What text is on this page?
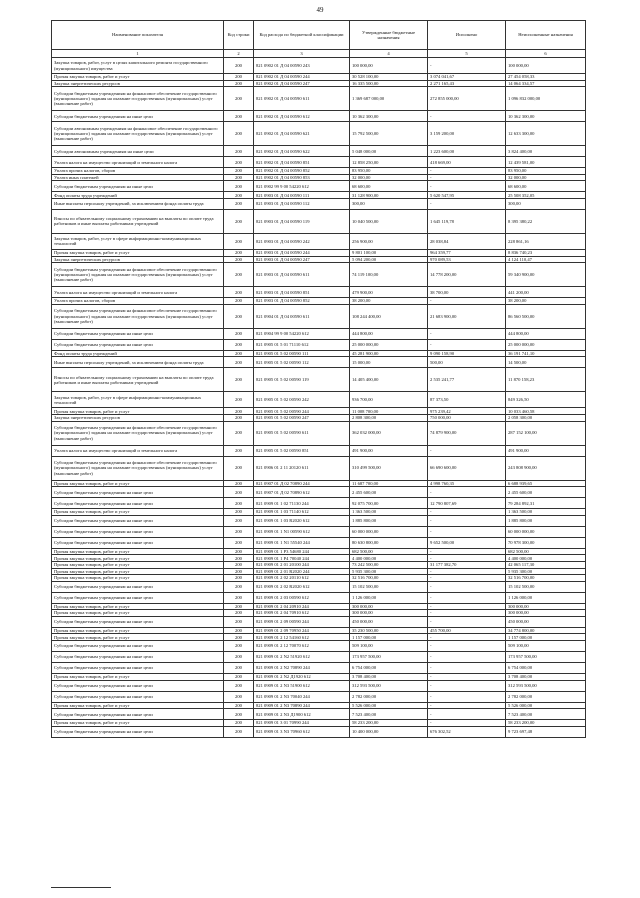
49
Наименование показателя	Код строки	Код расхода по бюджетной классификации	Утвержденные бюджетные назначения	Исполнено	Неисполненные назначения
1	2	3	4	5	6
Закупка товаров, работ, услуг в целях капитального ремонта государственного (муниципального) имущества	200	821 0902 01 Д 04 00590 243	100 000,00	-	100 000,00
Прочая закупка товаров, работ и услуг	200	821 0902 01 Д 04 00590 244	30 528 100,00	3 074 041,67	27 454 058,33
Закупка энергетических ресурсов	200	821 0902 01 Д 04 00590 247	16 335 500,00	2 271 165,43	14 064 334,57
Субсидии бюджетным учреждениям на финансовое обеспечение государственного (муниципального) задания на оказание государственных (муниципальных) услуг (выполнение работ)	200	821 0902 01 Д 04 00590 611	1 369 687 000,00	272 855 000,00	1 096 832 000,00
Субсидии бюджетным учреждениям на иные цели	200	821 0902 01 Д 04 00590 612	10 362 300,00	-	10 362 300,00
Субсидии автономным учреждениям на финансовое обеспечение государственного (муниципального) задания на оказание государственных (муниципальных) услуг (выполнение работ)	200	821 0902 01 Д 04 00590 621	15 792 500,00	3 159 200,00	12 633 300,00
Субсидии автономным учреждениям на иные цели	200	821 0902 01 Д 04 00590 622	5 048 000,00	1 223 600,00	3 824 400,00
Уплата налога на имущество организаций и земельного налога	200	821 0902 01 Д 04 00590 851	12 858 250,00	418 669,00	12 439 581,00
Уплата прочих налогов, сборов	200	821 0902 01 Д 04 00590 852	83 950,00	-	83 950,00
Уплата иных платежей	200	821 0902 01 Д 04 00590 853	32 000,00	-	32 000,00
Субсидии бюджетным учреждениям на иные цели	200	821 0902 99 9 00 54220 612	68 600,00	-	68 600,00
Фонд оплаты труда учреждений	200	821 0903 01 Д 04 00590 111	31 128 900,00	5 620 547,95	25 508 352,05
Иные выплаты персоналу учреждений, за исключением фонда оплаты труда	200	821 0903 01 Д 04 00590 112	300,00	-	300,00
Взносы по обязательному социальному страхованию на выплаты по оплате труда работников и иные выплаты работникам учреждений	200	821 0903 01 Д 04 00590 119	10 040 500,00	1 645 119,78	8 395 380,22
Закупка товаров, работ, услуг в сфере информационно-коммуникационных технологий	200	821 0903 01 Д 04 00590 242	256 900,00	28 038,84	228 861,16
Прочая закупка товаров, работ и услуг	200	821 0903 01 Д 04 00590 244	9 801 100,00	964 359,77	8 836 740,23
Закупка энергетических ресурсов	200	821 0903 01 Д 04 00590 247	5 094 200,00	970 089,53	4 124 110,47
Субсидии бюджетным учреждениям на финансовое обеспечение государственного (муниципального) задания на оказание государственных (муниципальных) услуг (выполнение работ)	200	821 0903 01 Д 04 00590 611	74 119 100,00	14 778 200,00	59 340 900,00
Уплата налога на имущество организаций и земельного налога	200	821 0903 01 Д 04 00590 851	479 900,00	38 700,00	441 200,00
Уплата прочих налогов, сборов	200	821 0903 01 Д 04 00590 852	38 200,00	-	38 200,00
Субсидии бюджетным учреждениям на финансовое обеспечение государственного (муниципального) задания на оказание государственных (муниципальных) услуг (выполнение работ)	200	821 0904 01 Д 04 00590 611	108 244 400,00	21 683 900,00	86 560 500,00
Субсидии бюджетным учреждениям на иные цели	200	821 0904 99 9 00 54220 612	444 800,00	-	444 800,00
Субсидии бюджетным учреждениям на иные цели	200	821 0905 01 5 01 71110 612	25 000 000,00	-	25 000 000,00
Фонд оплаты труда учреждений	200	821 0905 01 5 02 00590 111	45 281 900,00	9 090 158,90	36 191 741,10
Иные выплаты персоналу учреждений, за исключением фонда оплаты труда	200	821 0905 01 5 02 00590 112	15 000,00	500,00	14 500,00
Взносы по обязательному социальному страхованию на выплаты по оплате труда работников и иные выплаты работникам учреждений	200	821 0905 01 5 02 00590 119	14 405 400,00	2 535 241,77	11 870 158,23
Закупка товаров, работ, услуг в сфере информационно-коммуникационных технологий	200	821 0905 01 5 02 00590 242	936 700,00	87 373,50	849 326,50
Прочая закупка товаров, работ и услуг	200	821 0905 01 5 02 00590 244	11 008 700,00	975 239,42	10 033 460,58
Закупка энергетических ресурсов	200	821 0905 01 5 02 00590 247	2 808 300,00	750 000,00	2 058 300,00
Субсидии бюджетным учреждениям на финансовое обеспечение государственного (муниципального) задания на оказание государственных (муниципальных) услуг (выполнение работ)	200	821 0905 01 5 02 00590 611	362 032 000,00	74 879 900,00	287 152 100,00
Уплата налога на имущество организаций и земельного налога	200	821 0905 01 5 02 00590 851	491 900,00	-	491 900,00
Субсидии бюджетным учреждениям на финансовое обеспечение государственного (муниципального) задания на оказание государственных (муниципальных) услуг (выполнение работ)	200	821 0906 01 2 11 20120 611	310 499 500,00	66 690 600,00	243 808 900,00
Прочая закупка товаров, работ и услуг	200	821 0907 01 Д 02 70890 244	11 687 700,00	4 998 760,35	6 688 939,65
Субсидии бюджетным учреждениям на иные цели	200	821 0907 01 Д 02 70890 612	2 455 600,00	-	2 455 600,00
Субсидии бюджетным учреждениям на иные цели	200	821 0909 01 1 02 71130 244	92 075 700,00	12 790 807,69	79 284 892,31
Прочая закупка товаров, работ и услуг	200	821 0909 01 1 03 71140 612	1 363 500,00	-	1 363 500,00
Субсидии бюджетным учреждениям на иные цели	200	821 0909 01 1 03 R2020 612	1 885 800,00	-	1 885 800,00
Субсидии бюджетным учреждениям на иные цели	200	821 0909 01 1 N1 00590 612	60 000 000,00	-	60 000 000,00
Субсидии бюджетным учреждениям на иные цели	200	821 0909 01 1 N1 55540 244	80 630 800,00	9 652 500,00	70 978 300,00
Прочая закупка товаров, работ и услуг	200	821 0909 01 1 P3 54680 244	682 500,00	-	682 500,00
Прочая закупка товаров, работ и услуг	200	821 0909 01 1 P4 70040 244	4 400 000,00	-	4 400 000,00
Прочая закупка товаров, работ и услуг	200	821 0909 01 2 01 20100 244	73 242 500,00	31 177 382,70	42 065 117,30
Прочая закупка товаров, работ и услуг	200	821 0909 01 2 01 R2020 244	5 935 300,00	-	5 935 300,00
Прочая закупка товаров, работ и услуг	200	821 0909 01 2 02 20110 612	32 516 700,00	-	32 516 700,00
Субсидии бюджетным учреждениям на иные цели	200	821 0909 01 2 02 R2020 612	15 102 500,00	-	15 102 500,00
Субсидии бюджетным учреждениям на иные цели	200	821 0909 01 2 03 00590 612	1 126 000,00	-	1 126 000,00
Прочая закупка товаров, работ и услуг	200	821 0909 01 2 04 20910 244	300 000,00	-	300 000,00
Прочая закупка товаров, работ и услуг	200	821 0909 01 2 04 70910 612	300 000,00	-	300 000,00
Субсидии бюджетным учреждениям на иные цели	200	821 0909 01 2 09 00590 244	450 000,00	-	450 000,00
Прочая закупка товаров, работ и услуг	200	821 0909 01 2 09 70950 244	35 230 500,00	455 700,00	34 774 800,00
Прочая закупка товаров, работ и услуг	200	821 0909 01 2 12 54160 612	1 157 000,00	-	1 157 000,00
Субсидии бюджетным учреждениям на иные цели	200	821 0909 01 2 12 70070 612	509 100,00	-	509 100,00
Субсидии бюджетным учреждениям на иные цели	200	821 0909 01 2 N2 51920 612	173 957 500,00	-	173 957 500,00
Субсидии бюджетным учреждениям на иные цели	200	821 0909 01 2 N2 70890 244	6 754 000,00	-	6 754 000,00
Прочая закупка товаров, работ и услуг	200	821 0909 01 2 N2 Д1920 612	3 708 400,00	-	3 708 400,00
Субсидии бюджетным учреждениям на иные цели	200	821 0909 01 2 N3 51900 612	312 593 500,00	-	312 593 500,00
Субсидии бюджетным учреждениям на иные цели	200	821 0909 01 2 N3 70040 244	2 782 000,00	-	2 782 000,00
Прочая закупка товаров, работ и услуг	200	821 0909 01 2 N3 70890 244	5 526 000,00	-	5 526 000,00
Субсидии бюджетным учреждениям на иные цели	200	821 0909 01 2 N3 Д1900 612	7 523 400,00	-	7 523 400,00
Прочая закупка товаров, работ и услуг	200	821 0909 01 3 01 70990 244	58 233 200,00	-	58 233 200,00
Субсидии бюджетным учреждениям на иные цели	200	821 0909 01 3 N3 70960 612	10 400 000,00	676 302,52	9 723 697,48
